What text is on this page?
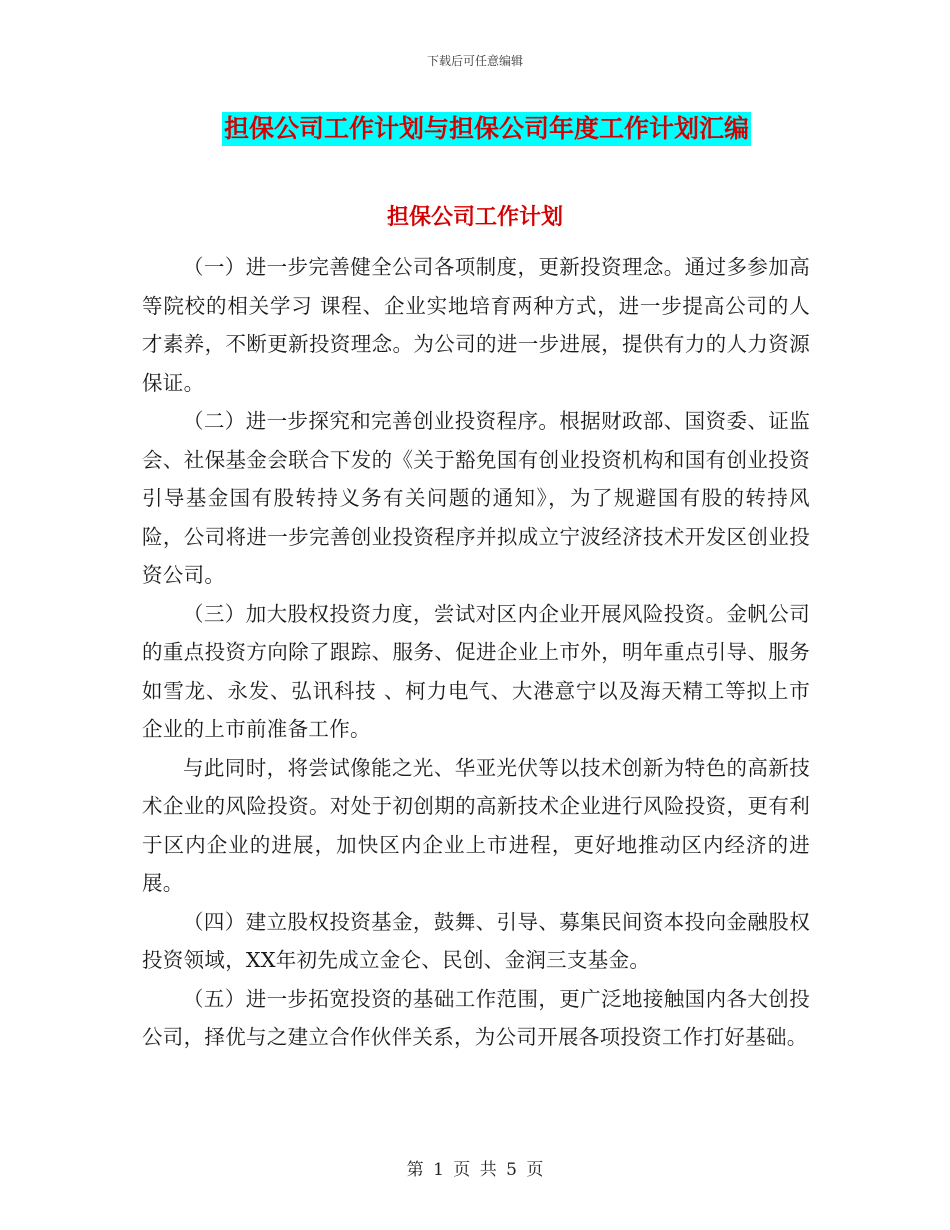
下载后可任意编辑
担保公司工作计划与担保公司年度工作计划汇编
担保公司工作计划

（一）进一步完善健全公司各项制度，更新投资理念。通过多参加高等院校的相关学习 课程、企业实地培育两种方式，进一步提高公司的人才素养，不断更新投资理念。为公司的进一步进展，提供有力的人力资源保证。

（二）进一步探究和完善创业投资程序。根据财政部、国资委、证监会、社保基金会联合下发的《关于豁免国有创业投资机构和国有创业投资引导基金国有股转持义务有关问题的通知》，为了规避国有股的转持风险，公司将进一步完善创业投资程序并拟成立宁波经济技术开发区创业投资公司。

（三）加大股权投资力度，尝试对区内企业开展风险投资。金帆公司的重点投资方向除了跟踪、服务、促进企业上市外，明年重点引导、服务如雪龙、永发、弘讯科技 、柯力电气、大港意宁以及海天精工等拟上市企业的上市前准备工作。

与此同时，将尝试像能之光、华亚光伏等以技术创新为特色的高新技术企业的风险投资。对处于初创期的高新技术企业进行风险投资，更有利于区内企业的进展，加快区内企业上市进程，更好地推动区内经济的进展。

（四）建立股权投资基金，鼓舞、引导、募集民间资本投向金融股权投资领域，XX年初先成立金仑、民创、金润三支基金。

（五）进一步拓宽投资的基础工作范围，更广泛地接触国内各大创投公司，择优与之建立合作伙伴关系，为公司开展各项投资工作打好基础。

第 1 页 共 5 页
